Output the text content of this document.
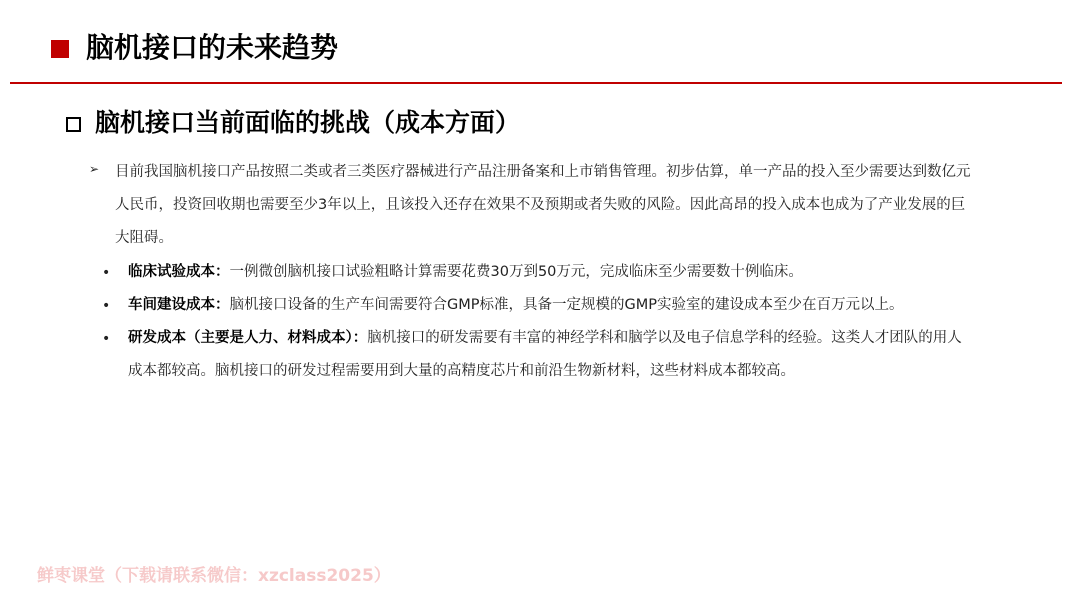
脑机接口的未来趋势
脑机接口当前面临的挑战（成本方面）
➢ 目前我国脑机接口产品按照二类或者三类医疗器械进行产品注册备案和上市销售管理。初步估算，单一产品的投入至少需要达到数亿元人民币，投资回收期也需要至少3年以上，且该投入还存在效果不及预期或者失败的风险。因此高昂的投入成本也成为了产业发展的巨大阻碍。
• 临床试验成本：一例微创脑机接口试验粗略计算需要花费30万到50万元，完成临床至少需要数十例临床。
• 车间建设成本：脑机接口设备的生产车间需要符合GMP标准，具备一定规模的GMP实验室的建设成本至少在百万元以上。
• 研发成本（主要是人力、材料成本）：脑机接口的研发需要有丰富的神经学科和脑学以及电子信息学科的经验。这类人才团队的用人成本都较高。脑机接口的研发过程需要用到大量的高精度芯片和前沿生物新材料，这些材料成本都较高。
鲜枣课堂（下载请联系微信：xzclass2025）
